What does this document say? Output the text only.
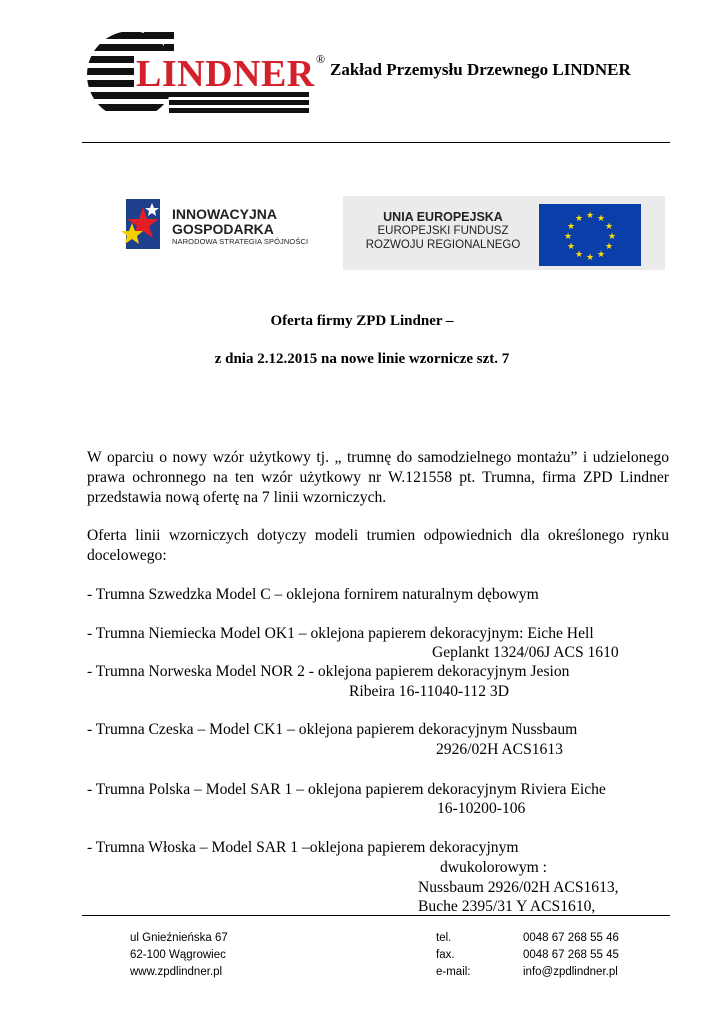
LINDNER ®
Zakład Przemysłu Drzewnego LINDNER
INNOWACYJNA
GOSPODARKA
NARODOWA STRATEGIA SPÓJNOŚCI
UNIA EUROPEJSKA
EUROPEJSKI FUNDUSZ
ROZWOJU REGIONALNEGO
★ ★
★
★
★
★
★
★
★
★
★
★
Oferta firmy ZPD Lindner –
z dnia 2.12.2015 na nowe linie wzornicze szt. 7
W oparciu o nowy wzór użytkowy tj. „ trumnę do samodzielnego montażu” i udzielonego prawa ochronnego na ten wzór użytkowy nr W.121558 pt. Trumna, firma ZPD Lindner przedstawia nową ofertę na 7 linii wzorniczych.
Oferta linii wzorniczych dotyczy modeli trumien odpowiednich dla określonego rynku docelowego:
- Trumna Szwedzka Model C – oklejona fornirem naturalnym dębowym
- Trumna Niemiecka Model OK1 – oklejona papierem dekoracyjnym: Eiche Hell
Geplankt 1324/06J ACS 1610
- Trumna Norweska Model NOR 2 - oklejona papierem dekoracyjnym Jesion
Ribeira 16-11040-112 3D
- Trumna Czeska – Model CK1 – oklejona papierem dekoracyjnym Nussbaum
2926/02H ACS1613
- Trumna Polska – Model SAR 1 – oklejona papierem dekoracyjnym Riviera Eiche
16-10200-106
- Trumna Włoska – Model SAR 1 –oklejona papierem dekoracyjnym
dwukolorowym :
Nussbaum 2926/02H ACS1613,
Buche 2395/31 Y ACS1610,
ul Gnieźnieńska 67
62-100 Wągrowiec
www.zpdlindner.pl
tel.
fax.
e-mail:
0048 67 268 55 46
0048 67 268 55 45
info@zpdlindner.pl
